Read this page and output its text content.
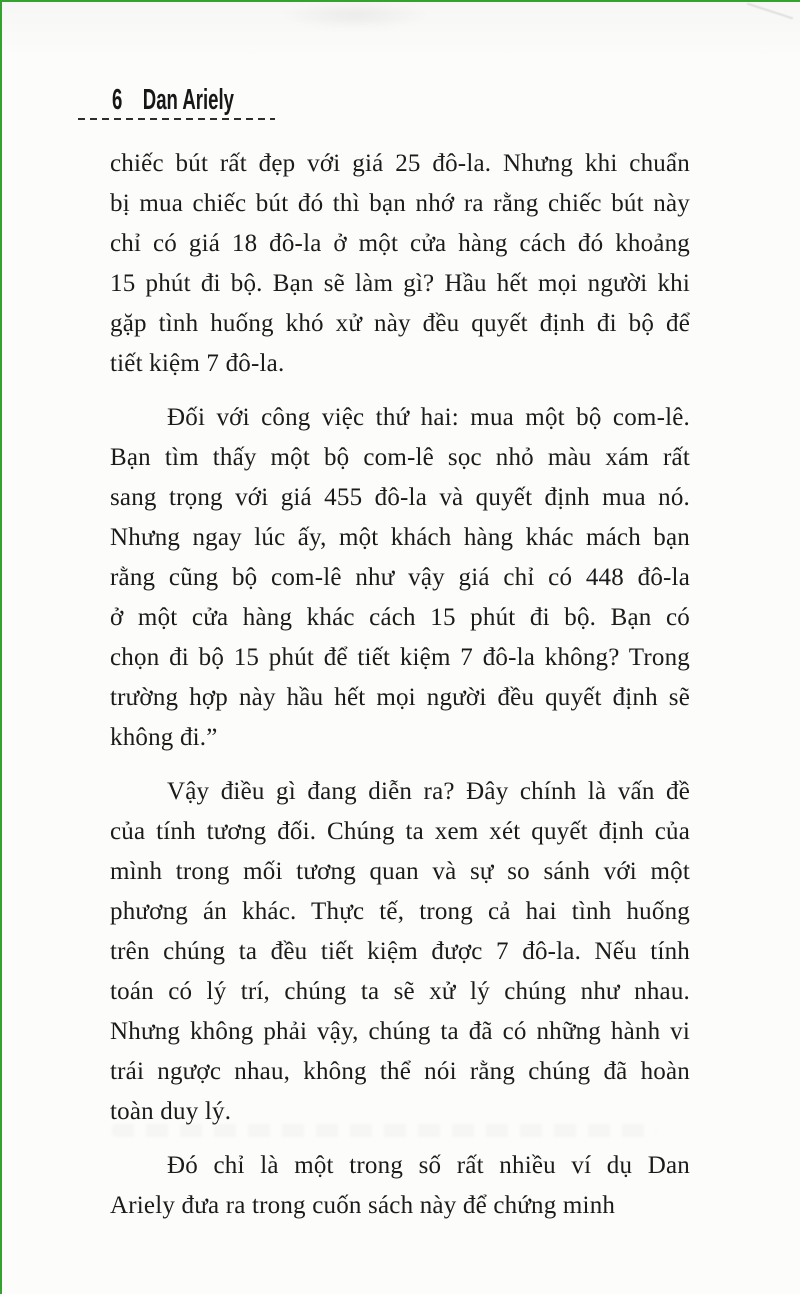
6 Dan Ariely

chiếc bút rất đẹp với giá 25 đô-la. Nhưng khi chuẩn
bị mua chiếc bút đó thì bạn nhớ ra rằng chiếc bút này
chỉ có giá 18 đô-la ở một cửa hàng cách đó khoảng
15 phút đi bộ. Bạn sẽ làm gì? Hầu hết mọi người khi
gặp tình huống khó xử này đều quyết định đi bộ để
tiết kiệm 7 đô-la.

Đối với công việc thứ hai: mua một bộ com-lê.
Bạn tìm thấy một bộ com-lê sọc nhỏ màu xám rất
sang trọng với giá 455 đô-la và quyết định mua nó.
Nhưng ngay lúc ấy, một khách hàng khác mách bạn
rằng cũng bộ com-lê như vậy giá chỉ có 448 đô-la
ở một cửa hàng khác cách 15 phút đi bộ. Bạn có
chọn đi bộ 15 phút để tiết kiệm 7 đô-la không? Trong
trường hợp này hầu hết mọi người đều quyết định sẽ
không đi.”

Vậy điều gì đang diễn ra? Đây chính là vấn đề
của tính tương đối. Chúng ta xem xét quyết định của
mình trong mối tương quan và sự so sánh với một
phương án khác. Thực tế, trong cả hai tình huống
trên chúng ta đều tiết kiệm được 7 đô-la. Nếu tính
toán có lý trí, chúng ta sẽ xử lý chúng như nhau.
Nhưng không phải vậy, chúng ta đã có những hành vi
trái ngược nhau, không thể nói rằng chúng đã hoàn
toàn duy lý.

Đó chỉ là một trong số rất nhiều ví dụ Dan
Ariely đưa ra trong cuốn sách này để chứng minh
